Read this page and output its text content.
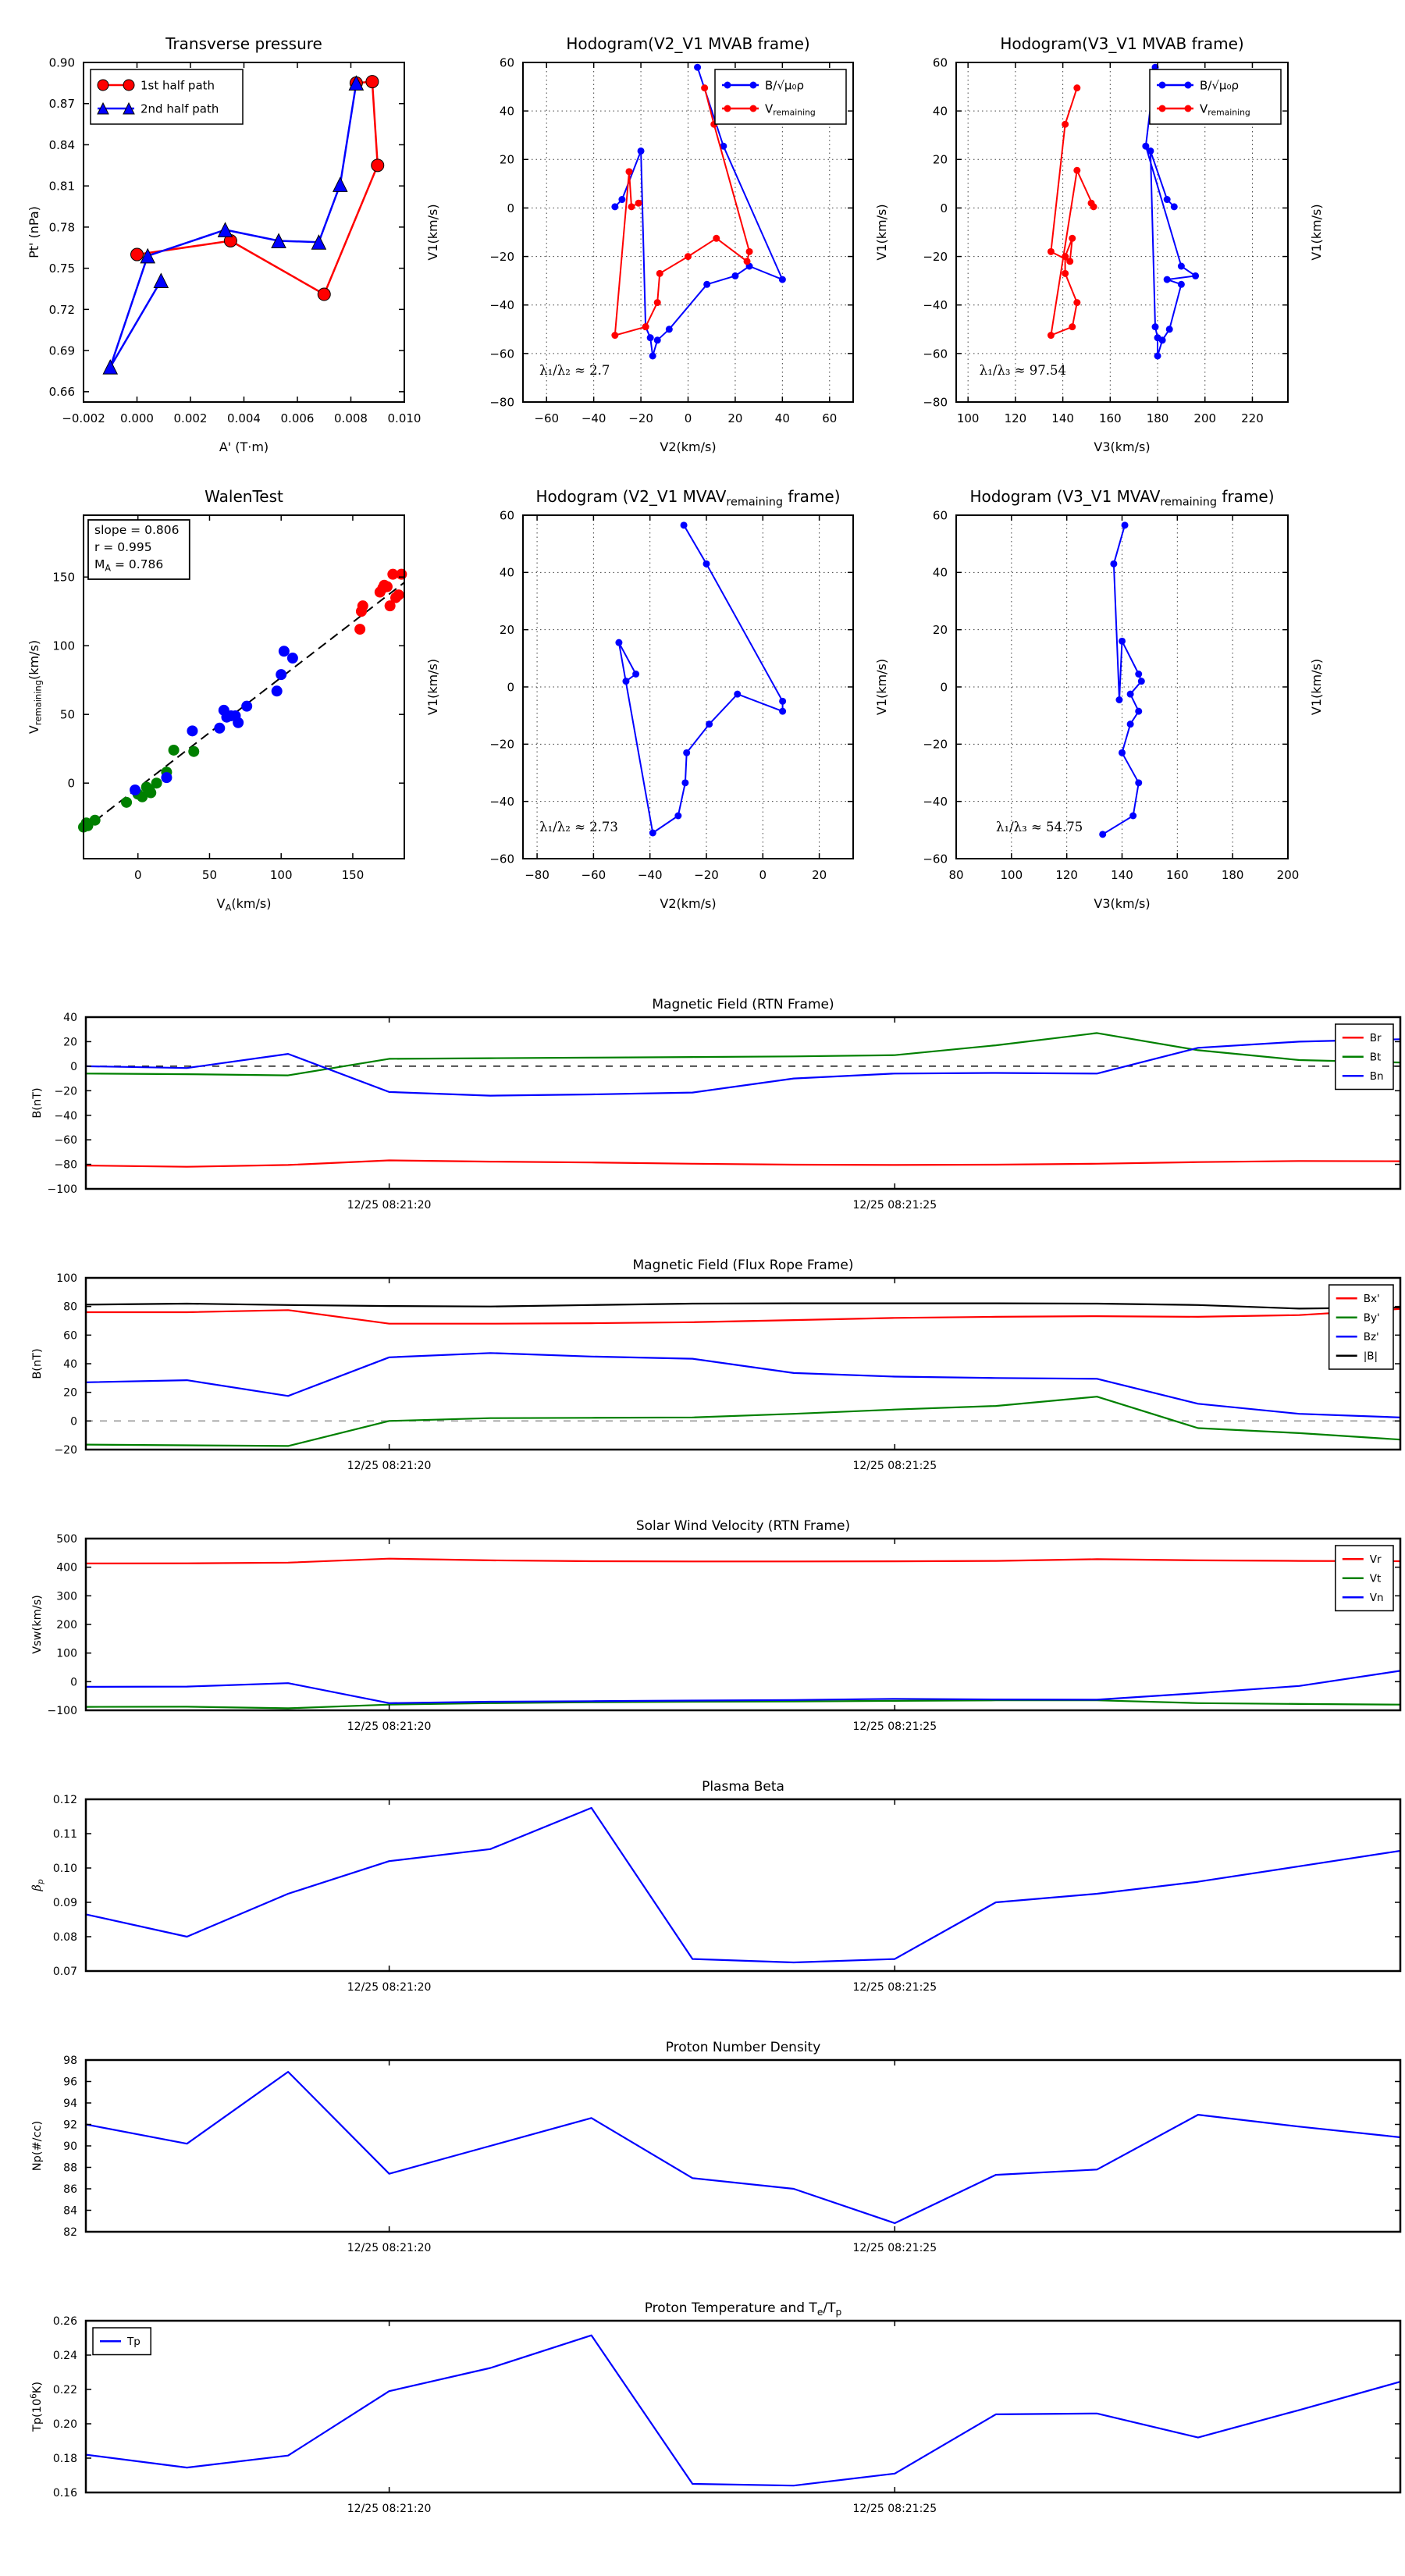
−0.002 0.000 0.002 0.004 0.006 0.008 0.010
0.66
0.69
0.72
0.75
0.78
0.81
0.84
0.87
0.90
Transverse pressure
A' (T·m)
Pt' (nPa)	V1(km/s)
1st half path
2nd half path
−60 −40 −20	0	20	40	60
−80
−60
−40
−20
0
20
40
60
Hodogram(V2_V1 MVAB frame)
V2(km/s)
V1(km/s)
B/√μ₀ρ
$V_{remaining}$
λ₁/λ₂ ≈ 2.7
100 120 140 160 180 200 220
−80
−60
−40
−20
0
20
40
60
Hodogram(V3_V1 MVAB frame)
V3(km/s)
V1(km/s)
B/√μ₀ρ
$V_{remaining}$
λ₁/λ₃ ≈ 97.54
0	50	100	150
0
50
100
150
WalenTest
$V_A(km/s)$
$V_{remaining}(km/s)$	V1(km/s)
slope = 0.806
r = 0.995
$M_A = 0.786$
−80	−60	−40	−20	0	20
−60
−40
−20
0
20
40
60
Hodogram (V2_V1 $MVAV_{remaining}$ frame)
V2(km/s)
V1(km/s)
λ₁/λ₂ ≈ 2.73
80	100	120	140	160	180	200
−60
−40
−20
0
20
40
60
Hodogram (V3_V1 $MVAV_{remaining}$ frame)
V3(km/s)
V1(km/s)
λ₁/λ₃ ≈ 54.75
12/25 08:21:20	12/25 08:21:25
−100
−80
−60
−40
−20
0
20
40
Magnetic Field (RTN Frame)
B(nT)
Br
Bt
Bn
12/25 08:21:20	12/25 08:21:25
−20
0
20
40
60
80
100
Magnetic Field (Flux Rope Frame)
B(nT)
Bx'
By'
Bz'
|B|
12/25 08:21:20	12/25 08:21:25
−100
0
100
200
300
400
500
Solar Wind Velocity (RTN Frame)
Vsw(km/s)
Vr
Vt
Vn
12/25 08:21:20	12/25 08:21:25
0.07
0.08
0.09
0.10
0.11
0.12
Plasma Beta
$\beta_p$
12/25 08:21:20	12/25 08:21:25
82
84
86
88
90
92
94
96
98
Proton Number Density
Np(#/cc)
12/25 08:21:20	12/25 08:21:25
0.16
0.18
0.20
0.22
0.24
0.26
Proton Temperature and $T_e/T_p$
$Tp(10^6K)$
Tp
